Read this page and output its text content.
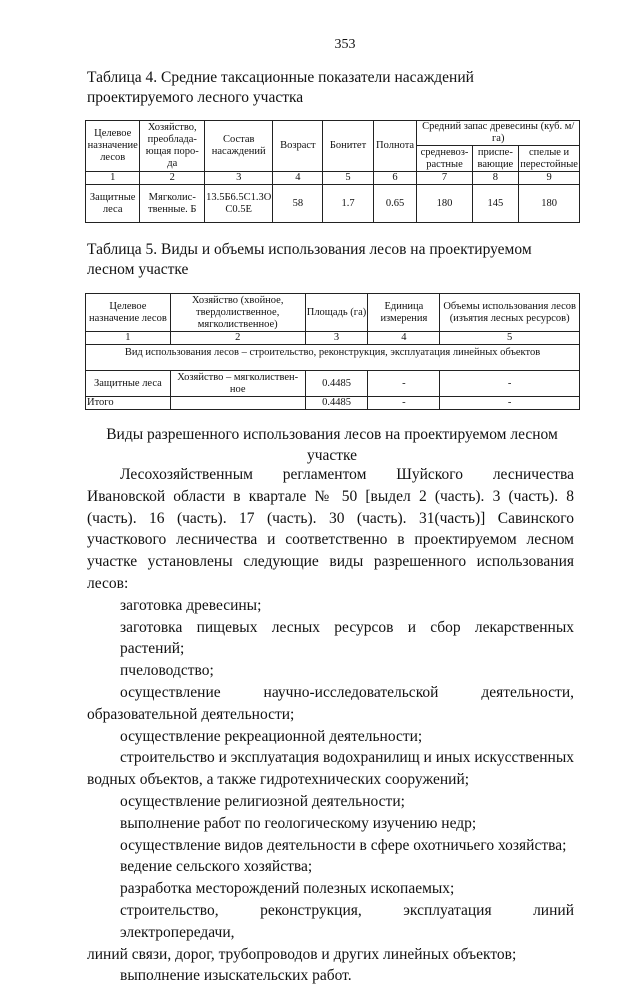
353
Таблица 4. Средние таксационные показатели насаждений проектируемого лесного участка
Целевое назначение лесов	Хозяйство, преоблада-ющая поро-да	Состав насаждений	Возраст	Бонитет	Полнота	Средний запас древесины (куб. м/га)		
						средневоз-растные	приспе-вающие	спелые и перестойные
1	2	3	4	5	6	7	8	9
Защитные леса	Мягколис-твенные. Б	13.5Б6.5С1.3О С0.5Е	58	1.7	0.65	180	145	180
Таблица 5. Виды и объемы использования лесов на проектируемом лесном участке
Целевое назначение лесов	Хозяйство (хвойное, твердолиственное, мягколиственное)	Площадь (га)	Единица измерения	Объемы использования лесов (изъятия лесных ресурсов)
1	2	3	4	5
Вид использования лесов – строительство, реконструкция, эксплуатация линейных объектов				
Защитные леса	Хозяйство – мягколиствен-ное	0.4485	-	-
Итого		0.4485	-	-
Виды разрешенного использования лесов на проектируемом лесном участке

Лесохозяйственным регламентом Шуйского лесничества Ивановской области в квартале № 50 [выдел 2 (часть). 3 (часть). 8 (часть). 16 (часть). 17 (часть). 30 (часть). 31(часть)] Савинского участкового лесничества и соответственно в проектируемом лесном участке установлены следующие виды разрешенного использования лесов:

заготовка древесины;

заготовка пищевых лесных ресурсов и сбор лекарственных растений;

пчеловодство;

осуществление научно-исследовательской деятельности,

образовательной деятельности;

осуществление рекреационной деятельности;

строительство и эксплуатация водохранилищ и иных искусственных

водных объектов, а также гидротехнических сооружений;

осуществление религиозной деятельности;

выполнение работ по геологическому изучению недр;

осуществление видов деятельности в сфере охотничьего хозяйства;

ведение сельского хозяйства;

разработка месторождений полезных ископаемых;

строительство, реконструкция, эксплуатация линий электропередачи,

линий связи, дорог, трубопроводов и других линейных объектов;

выполнение изыскательских работ.
